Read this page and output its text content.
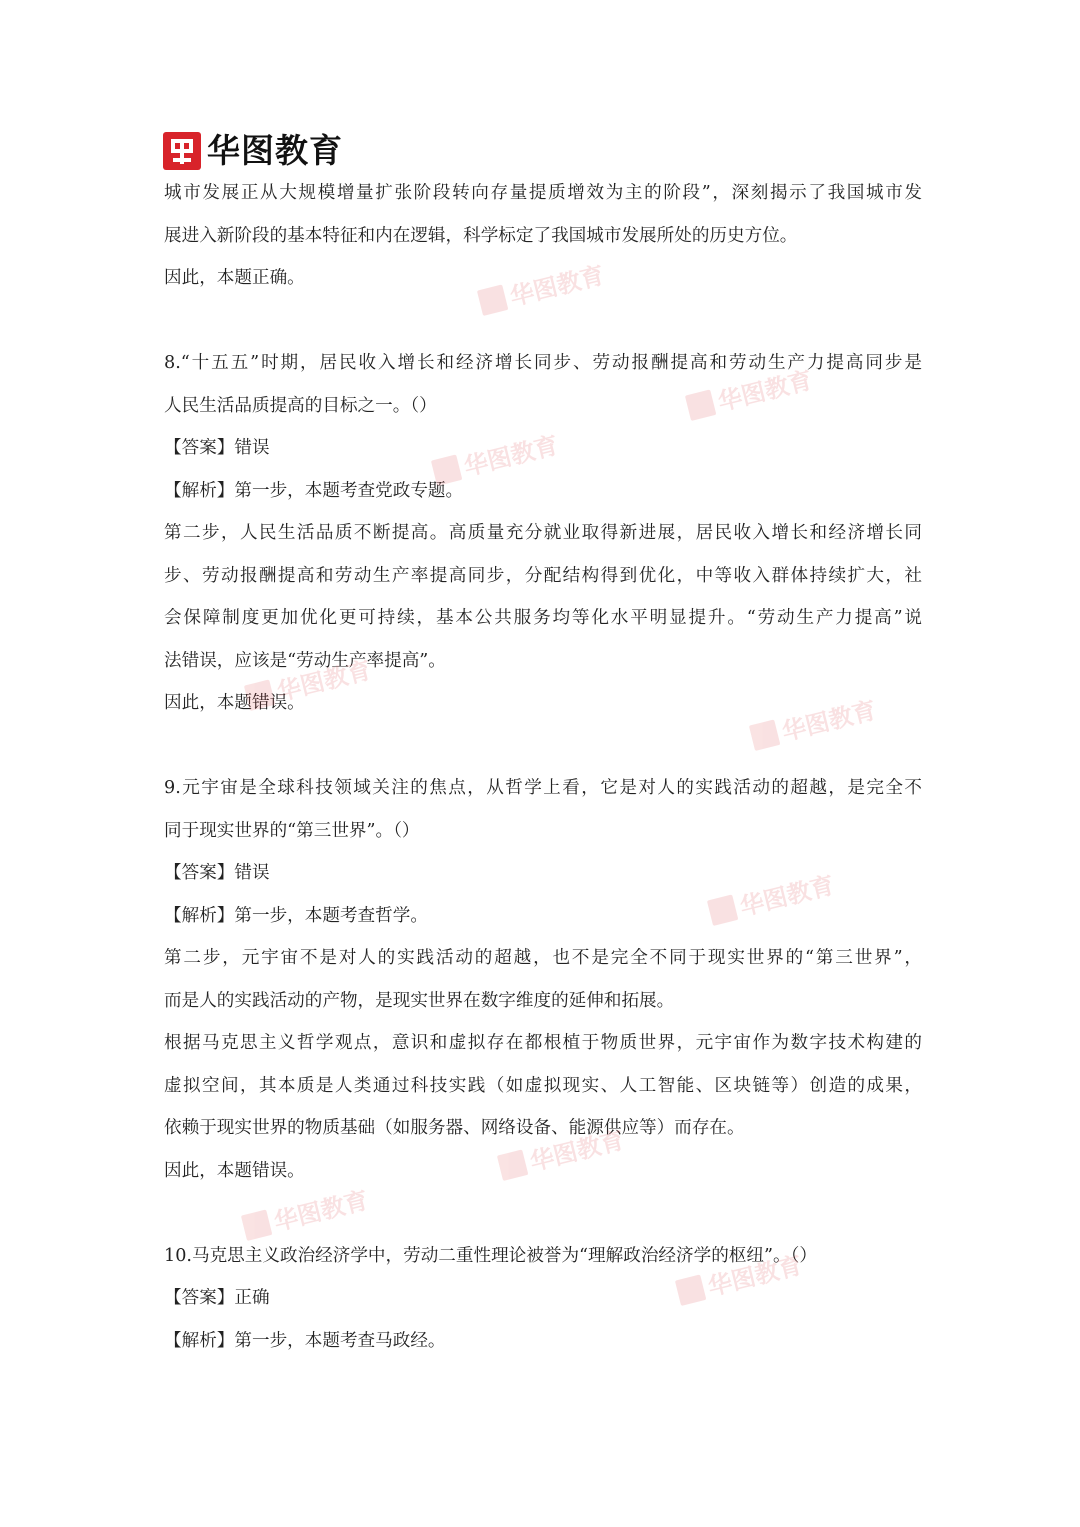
华图教育
城市发展正从大规模增量扩张阶段转向存量提质增效为主的阶段”，深刻揭示了我国城市发
展进入新阶段的基本特征和内在逻辑，科学标定了我国城市发展所处的历史方位。
因此，本题正确。
8.“十五五”时期，居民收入增长和经济增长同步、劳动报酬提高和劳动生产力提高同步是
人民生活品质提高的目标之一。（）
【答案】错误
【解析】第一步，本题考查党政专题。
第二步，人民生活品质不断提高。高质量充分就业取得新进展，居民收入增长和经济增长同
步、劳动报酬提高和劳动生产率提高同步，分配结构得到优化，中等收入群体持续扩大，社
会保障制度更加优化更可持续，基本公共服务均等化水平明显提升。“劳动生产力提高”说
法错误，应该是“劳动生产率提高”。
因此，本题错误。
9.元宇宙是全球科技领域关注的焦点，从哲学上看，它是对人的实践活动的超越，是完全不
同于现实世界的“第三世界”。（）
【答案】错误
【解析】第一步，本题考查哲学。
第二步，元宇宙不是对人的实践活动的超越，也不是完全不同于现实世界的“第三世界”，
而是人的实践活动的产物，是现实世界在数字维度的延伸和拓展。
根据马克思主义哲学观点，意识和虚拟存在都根植于物质世界，元宇宙作为数字技术构建的
虚拟空间，其本质是人类通过科技实践（如虚拟现实、人工智能、区块链等）创造的成果，
依赖于现实世界的物质基础（如服务器、网络设备、能源供应等）而存在。
因此，本题错误。
10.马克思主义政治经济学中，劳动二重性理论被誉为“理解政治经济学的枢纽”。（）
【答案】正确
【解析】第一步，本题考查马政经。
华图教育
华图教育
华图教育
华图教育
华图教育
华图教育
华图教育
华图教育
华图教育
